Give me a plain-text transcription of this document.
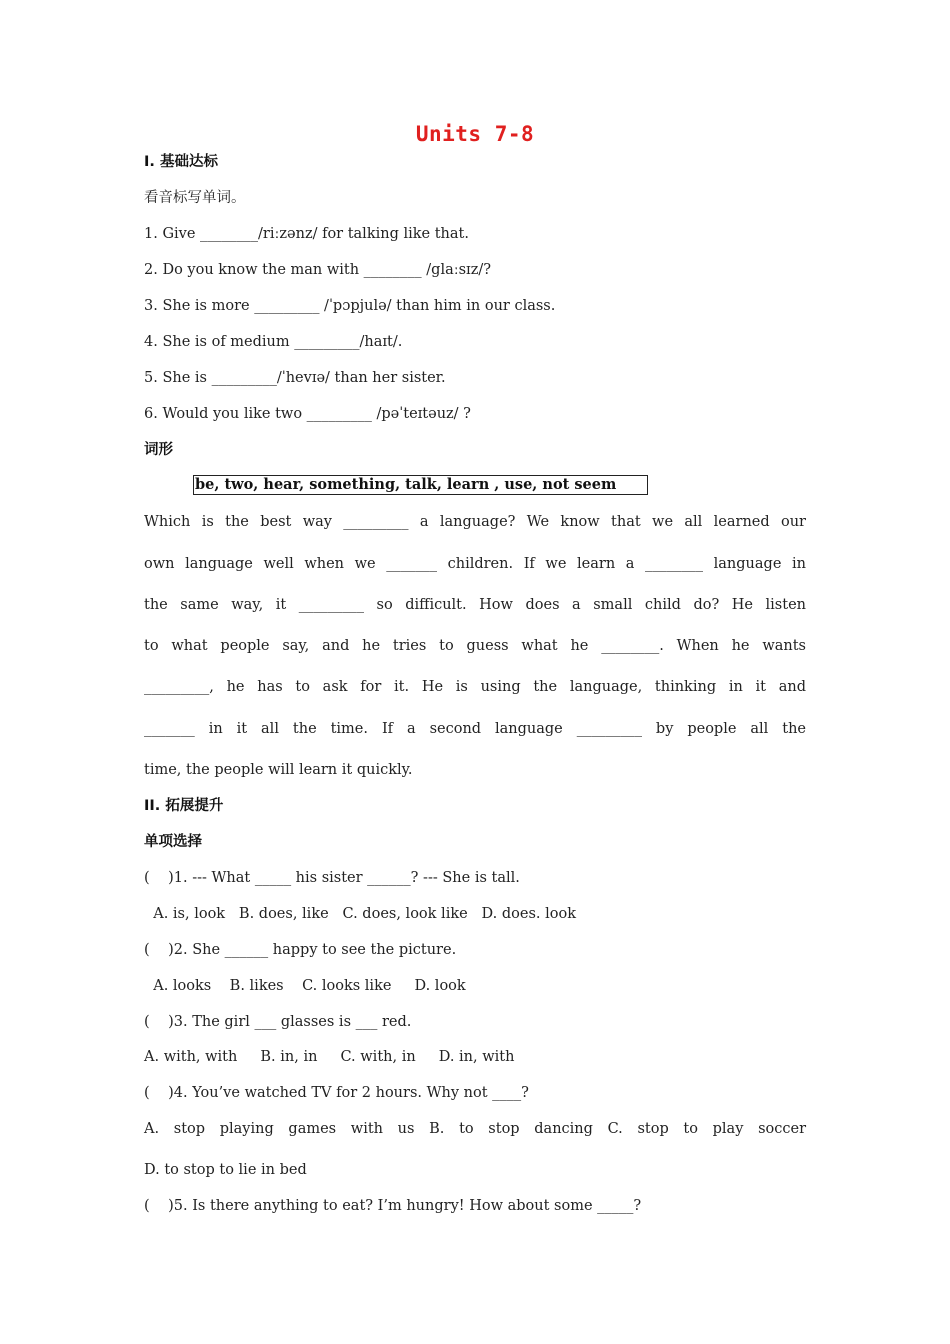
Units 7-8
I. 基础达标
看音标写单词。
1. Give ________/riːzənz/ for talking like that.
2. Do you know the man with ________ /glaːsɪz/?
3. She is more _________ /ˈpɔpjulə/ than him in our class.
4. She is of medium _________/haɪt/.
5. She is _________/ˈhevɪə/ than her sister.
6. Would you like two _________ /pəˈteɪtəuz/ ?
词形
be, two, hear, something, talk, learn , use, not seem
Which is the best way _________ a language? We know that we all learned our
own language well when we _______ children. If we learn a ________ language in
the same way, it _________ so difficult. How does a small child do? He listen
to what people say, and he tries to guess what he ________. When he wants
_________, he has to ask for it. He is using the language, thinking in it and
_______ in it all the time. If a second language _________ by people all the
time, the people will learn it quickly.
II. 拓展提升
单项选择
(    )1. --- What _____ his sister ______? --- She is tall.
A. is, look   B. does, like   C. does, look like   D. does. look
(    )2. She ______ happy to see the picture.
A. looks    B. likes    C. looks like     D. look
(    )3. The girl ___ glasses is ___ red.
A. with, with     B. in, in     C. with, in     D. in, with
(    )4. You’ve watched TV for 2 hours. Why not ____?
A. stop playing games with us B. to stop dancing C. stop to play soccer
D. to stop to lie in bed
(    )5. Is there anything to eat? I’m hungry! How about some _____?
